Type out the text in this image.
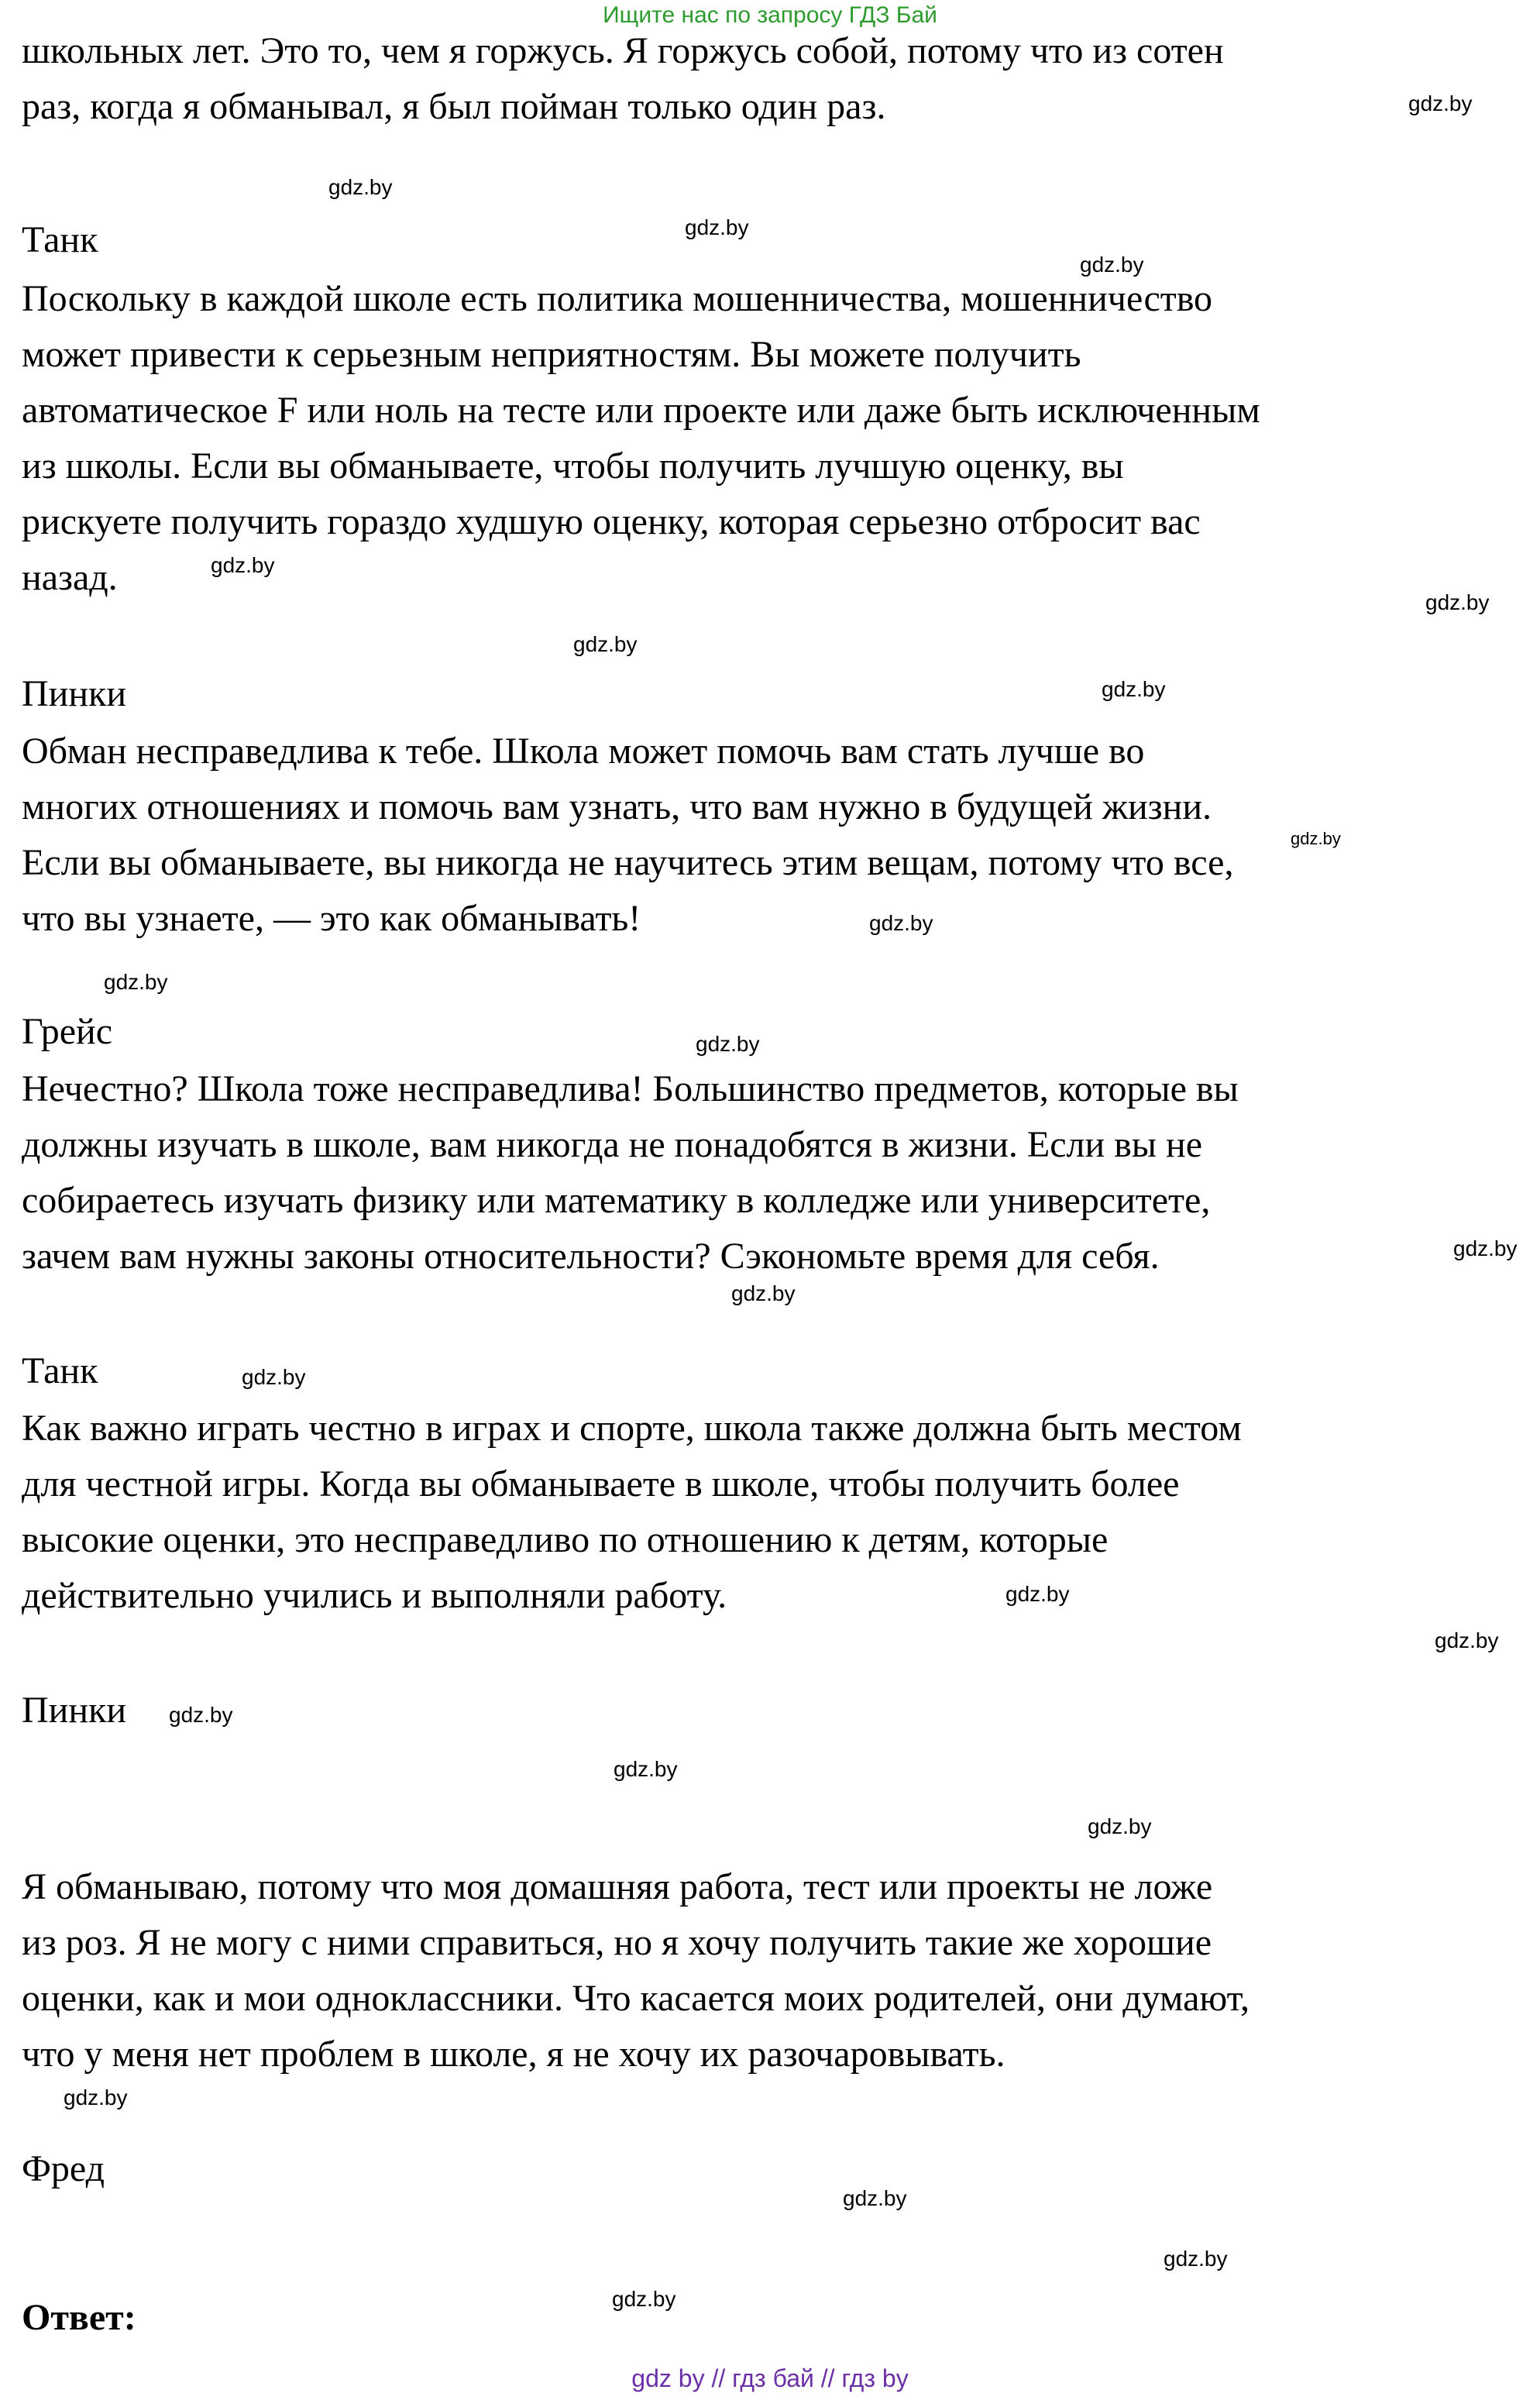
Ищите нас по запросу ГДЗ Бай
школьных лет. Это то, чем я горжусь. Я горжусь собой, потому что из сотен
раз, когда я обманывал, я был пойман только один раз.
Танк
Поскольку в каждой школе есть политика мошенничества, мошенничество
может привести к серьезным неприятностям. Вы можете получить
автоматическое F или ноль на тесте или проекте или даже быть исключенным
из школы. Если вы обманываете, чтобы получить лучшую оценку, вы
рискуете получить гораздо худшую оценку, которая серьезно отбросит вас
назад.
Пинки
Обман несправедлива к тебе. Школа может помочь вам стать лучше во
многих отношениях и помочь вам узнать, что вам нужно в будущей жизни.
Если вы обманываете, вы никогда не научитесь этим вещам, потому что все,
что вы узнаете, — это как обманывать!
Грейс
Нечестно? Школа тоже несправедлива! Большинство предметов, которые вы
должны изучать в школе, вам никогда не понадобятся в жизни. Если вы не
собираетесь изучать физику или математику в колледже или университете,
зачем вам нужны законы относительности? Сэкономьте время для себя.
Танк
Как важно играть честно в играх и спорте, школа также должна быть местом
для честной игры. Когда вы обманываете в школе, чтобы получить более
высокие оценки, это несправедливо по отношению к детям, которые
действительно учились и выполняли работу.
Пинки
Я обманываю, потому что моя домашняя работа, тест или проекты не ложе
из роз. Я не могу с ними справиться, но я хочу получить такие же хорошие
оценки, как и мои одноклассники. Что касается моих родителей, они думают,
что у меня нет проблем в школе, я не хочу их разочаровывать.
Фред
Ответ:
gdz.by
gdz.by
gdz.by
gdz.by
gdz.by
gdz.by
gdz.by
gdz.by
gdz.by
gdz.by
gdz.by
gdz.by
gdz.by
gdz.by
gdz.by
gdz.by
gdz.by
gdz.by
gdz.by
gdz.by
gdz.by
gdz.by
gdz.by
gdz.by
gdz by // гдз бай // гдз by
